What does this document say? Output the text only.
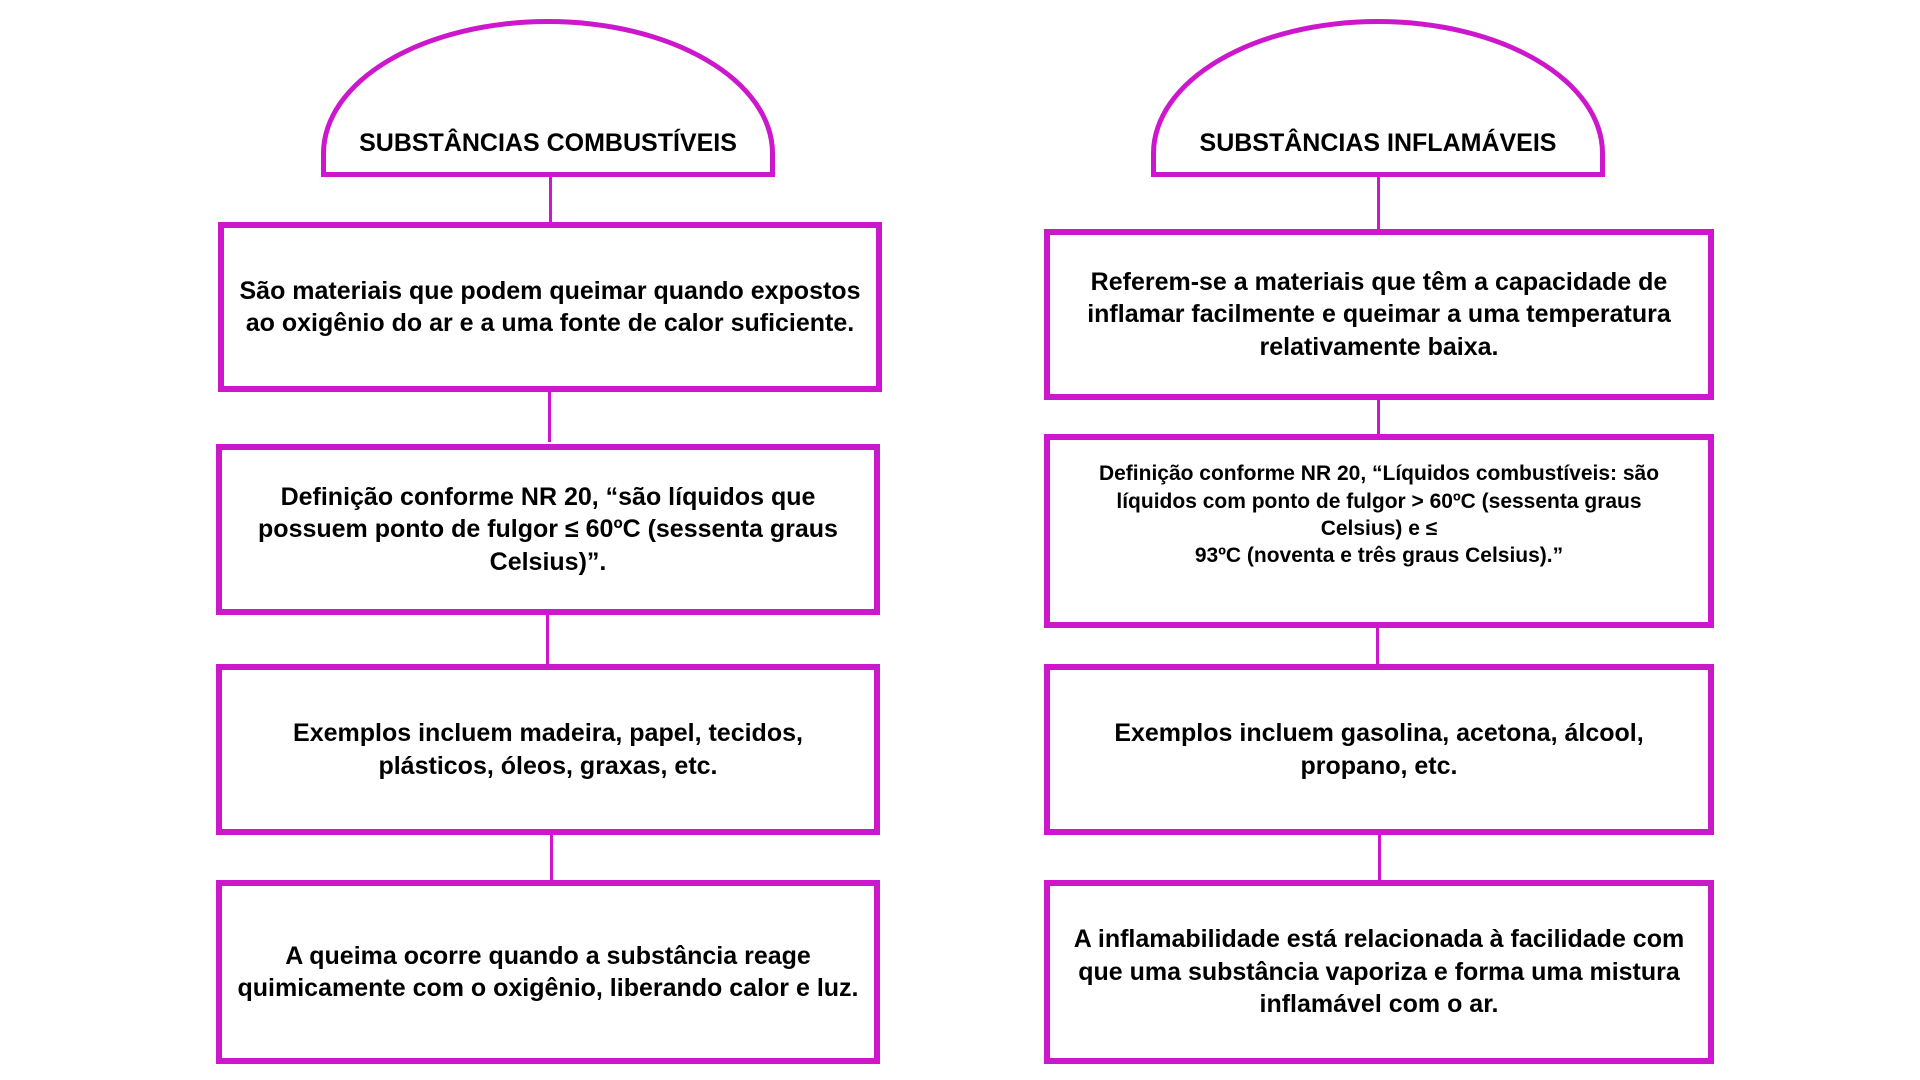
SUBSTÂNCIAS COMBUSTÍVEIS
São materiais que podem queimar quando expostos
ao oxigênio do ar e a uma fonte de calor suficiente.
Definição conforme NR 20, “são líquidos que
possuem ponto de fulgor ≤ 60ºC (sessenta graus
Celsius)”.
Exemplos incluem madeira, papel, tecidos,
plásticos, óleos, graxas, etc.
A queima ocorre quando a substância reage
quimicamente com o oxigênio, liberando calor e luz.
SUBSTÂNCIAS INFLAMÁVEIS
Referem-se a materiais que têm a capacidade de
inflamar facilmente e queimar a uma temperatura
relativamente baixa.
Definição conforme NR 20, “Líquidos combustíveis: são
líquidos com ponto de fulgor > 60ºC (sessenta graus
Celsius) e ≤
93ºC (noventa e três graus Celsius).”
Exemplos incluem gasolina, acetona, álcool,
propano, etc.
A inflamabilidade está relacionada à facilidade com
que uma substância vaporiza e forma uma mistura
inflamável com o ar.
